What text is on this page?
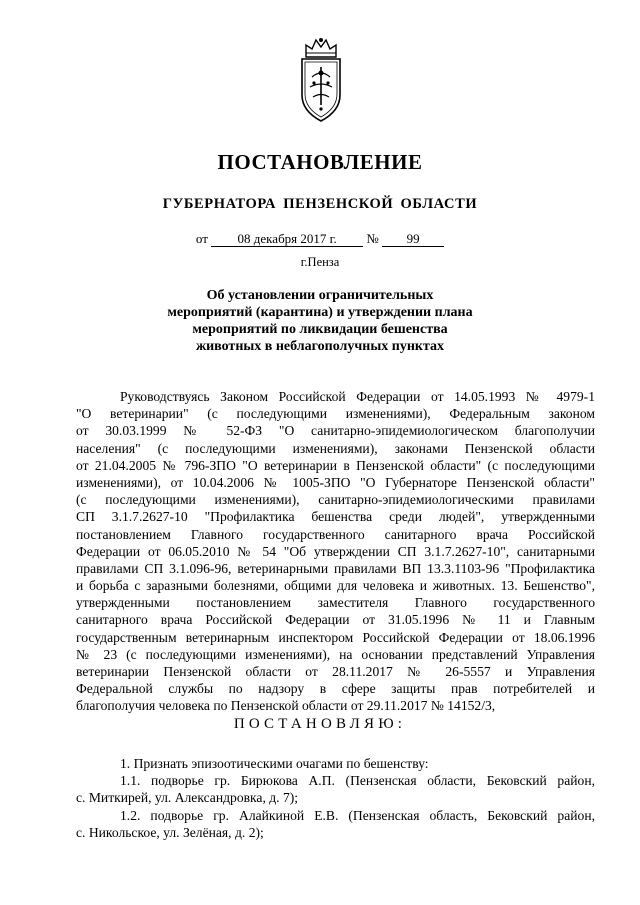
ПОСТАНОВЛЕНИЕ
ГУБЕРНАТОРА ПЕНЗЕНСКОЙ ОБЛАСТИ
от 08 декабря 2017 г. № 99
г.Пенза
Об установлении ограничительных
мероприятий (карантина) и утверждении плана
мероприятий по ликвидации бешенства
животных в неблагополучных пунктах
Руководствуясь Законом Российской Федерации от 14.05.1993 № 4979-1
"О ветеринарии" (с последующими изменениями), Федеральным законом
от 30.03.1999 № 52-ФЗ "О санитарно-эпидемиологическом благополучии
населения" (с последующими изменениями), законами Пензенской области
от 21.04.2005 № 796-ЗПО "О ветеринарии в Пензенской области" (с последующими
изменениями), от 10.04.2006 № 1005-ЗПО "О Губернаторе Пензенской области"
(с последующими изменениями), санитарно-эпидемиологическими правилами
СП 3.1.7.2627-10 "Профилактика бешенства среди людей", утвержденными
постановлением Главного государственного санитарного врача Российской
Федерации от 06.05.2010 № 54 "Об утверждении СП 3.1.7.2627-10", санитарными
правилами СП 3.1.096-96, ветеринарными правилами ВП 13.3.1103-96 "Профилактика
и борьба с заразными болезнями, общими для человека и животных. 13. Бешенство",
утвержденными постановлением заместителя Главного государственного
санитарного врача Российской Федерации от 31.05.1996 № 11 и Главным
государственным ветеринарным инспектором Российской Федерации от 18.06.1996
№ 23 (с последующими изменениями), на основании представлений Управления
ветеринарии Пензенской области от 28.11.2017 № 26-5557 и Управления
Федеральной службы по надзору в сфере защиты прав потребителей и
благополучия человека по Пензенской области от 29.11.2017 № 14152/3,
ПОСТАНОВЛЯЮ:
1. Признать эпизоотическими очагами по бешенству:
1.1. подворье гр. Бирюкова А.П. (Пензенская области, Бековский район,
с. Миткирей, ул. Александровка, д. 7);
1.2. подворье гр. Алайкиной Е.В. (Пензенская область, Бековский район,
с. Никольское, ул. Зелёная, д. 2);
